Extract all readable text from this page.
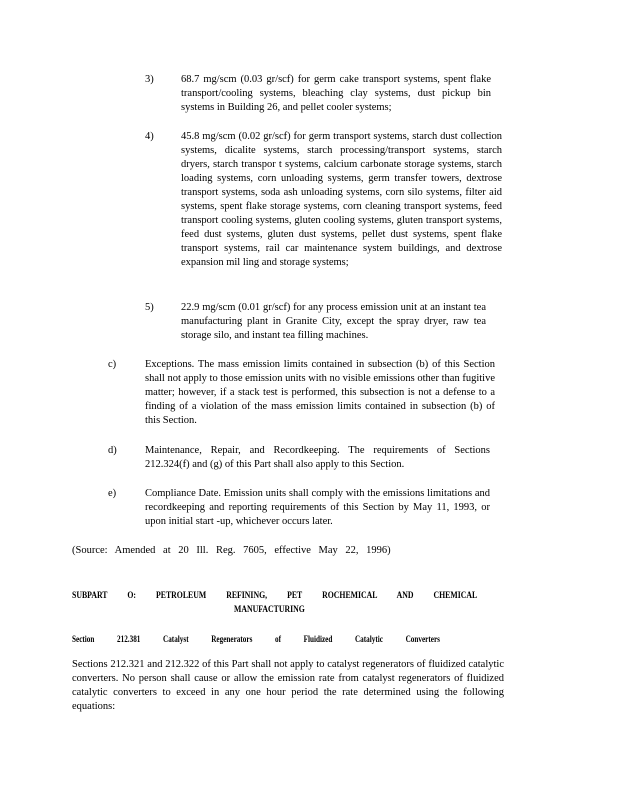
3)	68.7 mg/scm (0.03 gr/scf) for germ cake transport systems, spent flake transport/cooling systems, bleaching clay systems, dust pickup bin systems in Building 26, and pellet cooler systems;
4)	45.8 mg/scm (0.02 gr/scf) for germ transport systems, starch dust collection systems, dicalite systems, starch processing/transport systems, starch dryers, starch transpor t systems, calcium carbonate storage systems, starch loading systems, corn unloading systems, germ transfer towers, dextrose transport systems, soda ash unloading systems, corn silo systems, filter aid systems, spent flake storage systems, corn cleaning transport systems, feed transport cooling systems, gluten cooling systems, gluten transport systems, feed dust systems, gluten dust systems, pellet dust systems, spent flake transport systems, rail car maintenance system buildings, and dextrose expansion mil ling and storage systems;
5)	22.9 mg/scm (0.01 gr/scf) for any process emission unit at an instant tea manufacturing plant in Granite City, except the spray dryer, raw tea storage silo, and instant tea filling machines.
c)	Exceptions. The mass emission limits contained in subsection (b) of this Section shall not apply to those emission units with no visible emissions other than fugitive matter; however, if a stack test is performed, this subsection is not a defense to a finding of a violation of the mass emission limits contained in subsection (b) of this Section.
d)	Maintenance, Repair, and Recordkeeping. The requirements of Sections 212.324(f) and (g) of this Part shall also apply to this Section.
e)	Compliance Date. Emission units shall comply with the emissions limitations and recordkeeping and reporting requirements of this Section by May 11, 1993, or upon initial start -up, whichever occurs later.
(Source: Amended at 20 Ill. Reg. 7605, effective May 22, 1996)
SUBPART O: PETROLEUM REFINING, PET ROCHEMICAL AND CHEMICAL
MANUFACTURING
Section 212.381 Catalyst Regenerators of Fluidized Catalytic Converters
Sections 212.321 and 212.322 of this Part shall not apply to catalyst regenerators of fluidized catalytic converters. No person shall cause or allow the emission rate from catalyst regenerators of fluidized catalytic converters to exceed in any one hour period the rate determined using the following equations:
